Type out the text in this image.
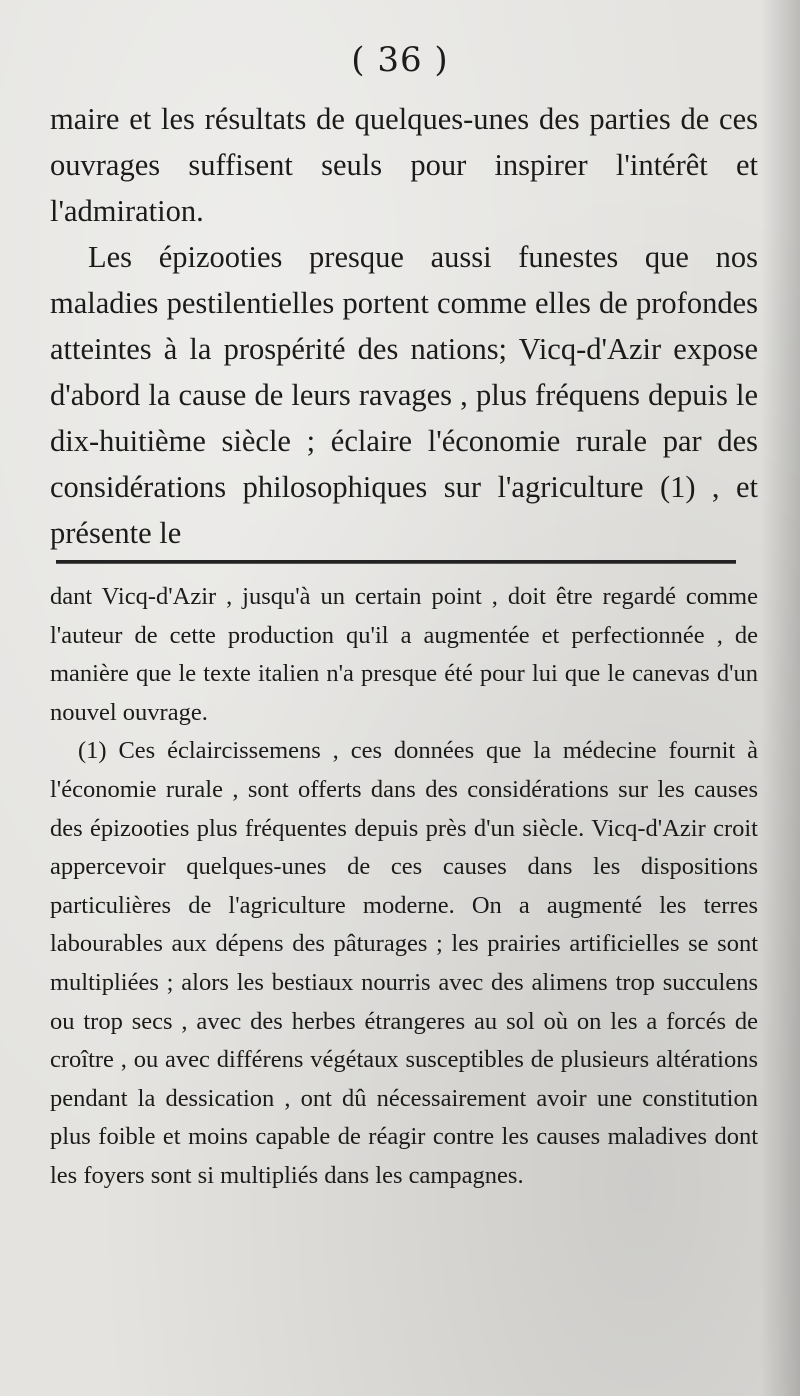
( 36 )

maire et les résultats de quelques-unes des parties de ces ouvrages suffisent seuls pour inspirer l'intérêt et l'admiration.

Les épizooties presque aussi funestes que nos maladies pestilentielles portent comme elles de profondes atteintes à la prospérité des nations; Vicq-d'Azir expose d'abord la cause de leurs ravages , plus fréquens depuis le dix-huitième siècle ; éclaire l'économie rurale par des considérations philosophiques sur l'agriculture (1) , et présente le

dant Vicq-d'Azir , jusqu'à un certain point , doit être regardé comme l'auteur de cette production qu'il a augmentée et perfectionnée , de manière que le texte italien n'a presque été pour lui que le canevas d'un nouvel ouvrage.

(1) Ces éclaircissemens , ces données que la médecine fournit à l'économie rurale , sont offerts dans des considérations sur les causes des épizooties plus fréquentes depuis près d'un siècle. Vicq-d'Azir croit appercevoir quelques-unes de ces causes dans les dispositions particulières de l'agriculture moderne. On a augmenté les terres labourables aux dépens des pâturages ; les prairies artificielles se sont multipliées ; alors les bestiaux nourris avec des alimens trop succulens ou trop secs , avec des herbes étrangeres au sol où on les a forcés de croître , ou avec différens végétaux susceptibles de plusieurs altérations pendant la dessication , ont dû nécessairement avoir une constitution plus foible et moins capable de réagir contre les causes maladives dont les foyers sont si multipliés dans les campagnes.
